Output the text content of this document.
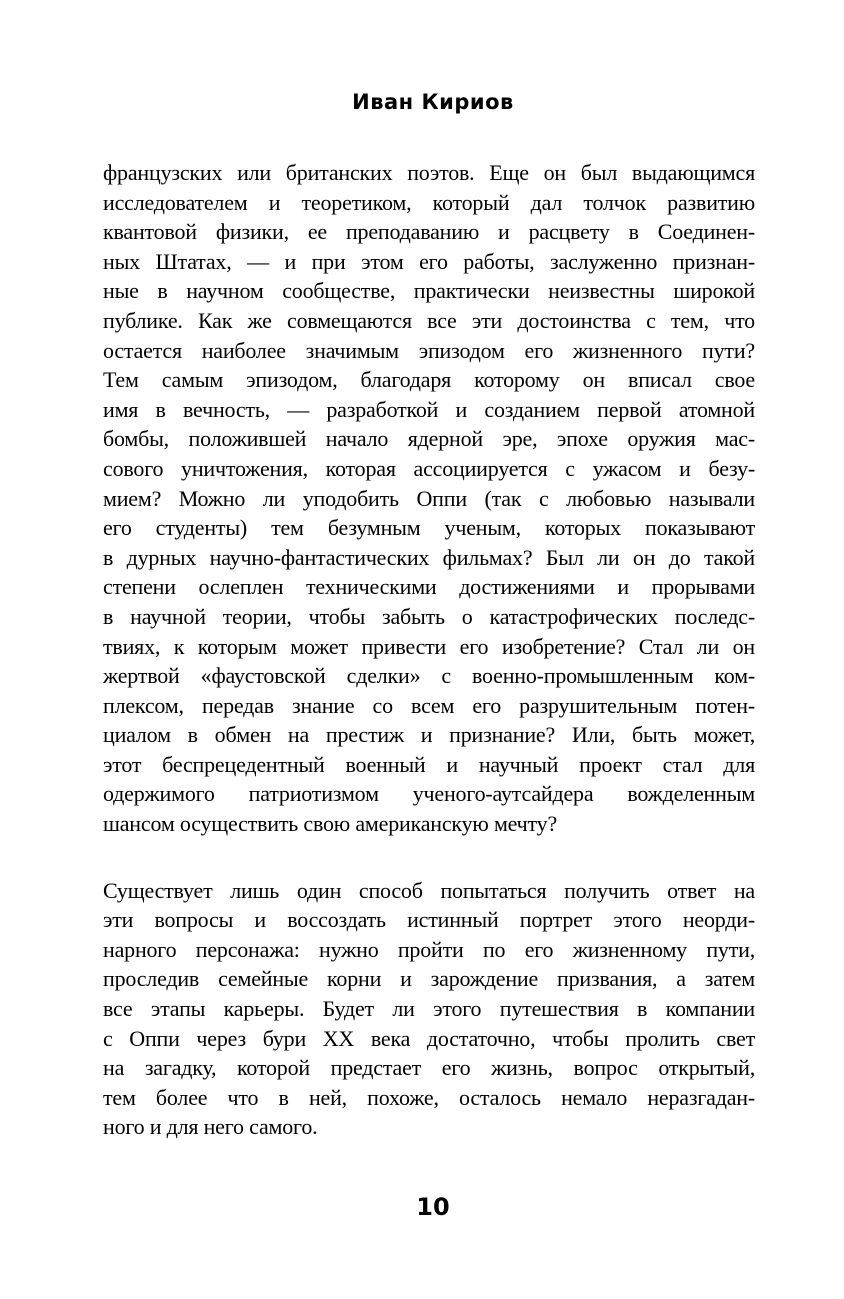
Иван Кириов
французских или британских поэтов. Еще он был выдающимся
исследователем и теоретиком, который дал толчок развитию
квантовой физики, ее преподаванию и расцвету в Соединен-
ных Штатах, — и при этом его работы, заслуженно признан-
ные в научном сообществе, практически неизвестны широкой
публике. Как же совмещаются все эти достоинства с тем, что
остается наиболее значимым эпизодом его жизненного пути?
Тем самым эпизодом, благодаря которому он вписал свое
имя в вечность, — разработкой и созданием первой атомной
бомбы, положившей начало ядерной эре, эпохе оружия мас-
сового уничтожения, которая ассоциируется с ужасом и безу-
мием? Можно ли уподобить Оппи (так с любовью называли
его студенты) тем безумным ученым, которых показывают
в дурных научно-фантастических фильмах? Был ли он до такой
степени ослеплен техническими достижениями и прорывами
в научной теории, чтобы забыть о катастрофических последс-
твиях, к которым может привести его изобретение? Стал ли он
жертвой «фаустовской сделки» с военно-промышленным ком-
плексом, передав знание со всем его разрушительным потен-
циалом в обмен на престиж и признание? Или, быть может,
этот беспрецедентный военный и научный проект стал для
одержимого патриотизмом ученого-аутсайдера вожделенным
шансом осуществить свою американскую мечту?
Существует лишь один способ попытаться получить ответ на
эти вопросы и воссоздать истинный портрет этого неорди-
нарного персонажа: нужно пройти по его жизненному пути,
проследив семейные корни и зарождение призвания, а затем
все этапы карьеры. Будет ли этого путешествия в компании
с Оппи через бури XX века достаточно, чтобы пролить свет
на загадку, которой предстает его жизнь, вопрос открытый,
тем более что в ней, похоже, осталось немало неразгадан-
ного и для него самого.
10
